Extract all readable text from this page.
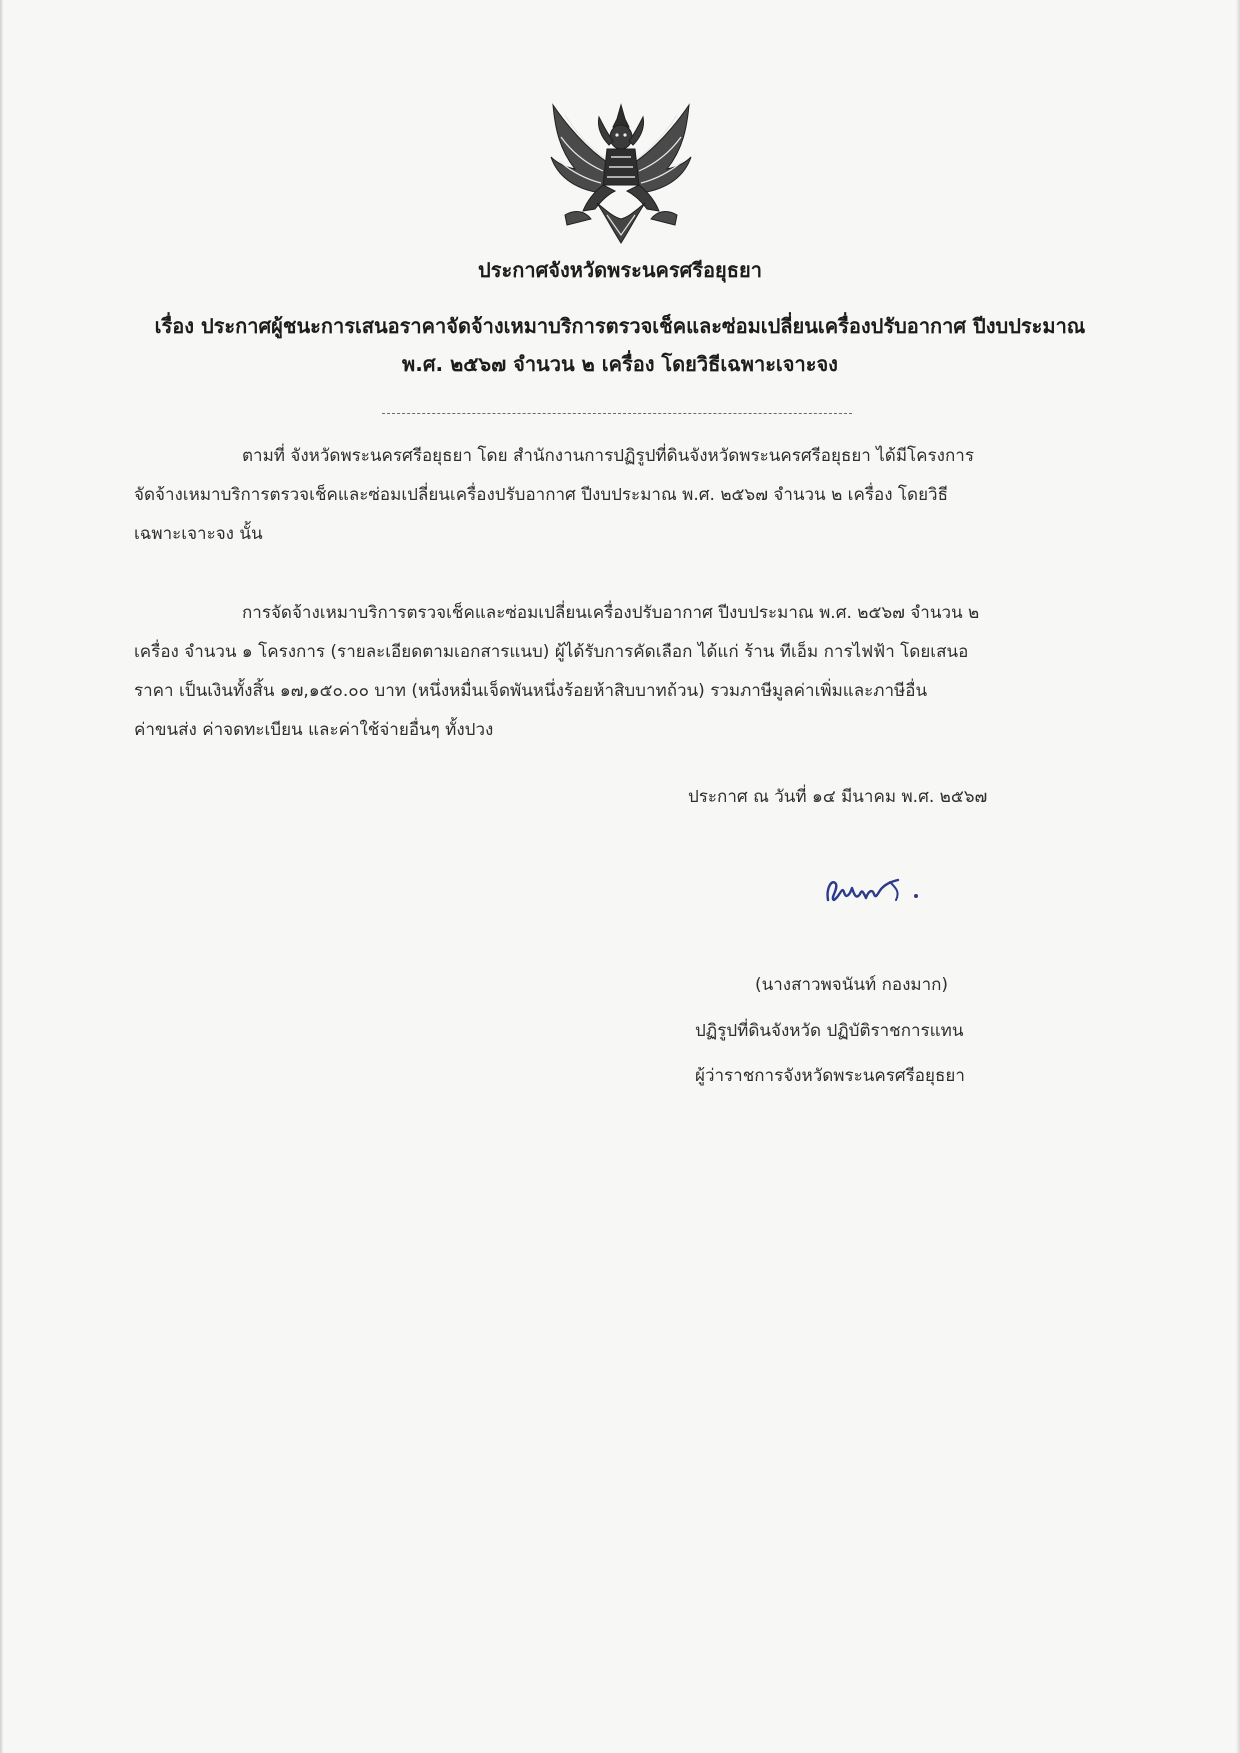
ประกาศจังหวัดพระนครศรีอยุธยา
เรื่อง ประกาศผู้ชนะการเสนอราคาจัดจ้างเหมาบริการตรวจเช็คและซ่อมเปลี่ยนเครื่องปรับอากาศ ปีงบประมาณ
พ.ศ. ๒๕๖๗ จำนวน ๒ เครื่อง โดยวิธีเฉพาะเจาะจง

ตามที่ จังหวัดพระนครศรีอยุธยา โดย สำนักงานการปฏิรูปที่ดินจังหวัดพระนครศรีอยุธยา ได้มีโครงการ
จัดจ้างเหมาบริการตรวจเช็คและซ่อมเปลี่ยนเครื่องปรับอากาศ ปีงบประมาณ พ.ศ. ๒๕๖๗ จำนวน ๒ เครื่อง โดยวิธี
เฉพาะเจาะจง นั้น

การจัดจ้างเหมาบริการตรวจเช็คและซ่อมเปลี่ยนเครื่องปรับอากาศ ปีงบประมาณ พ.ศ. ๒๕๖๗ จำนวน ๒
เครื่อง จำนวน ๑ โครงการ (รายละเอียดตามเอกสารแนบ) ผู้ได้รับการคัดเลือก ได้แก่ ร้าน ทีเอ็ม การไฟฟ้า โดยเสนอ
ราคา เป็นเงินทั้งสิ้น ๑๗,๑๕๐.๐๐ บาท (หนึ่งหมื่นเจ็ดพันหนึ่งร้อยห้าสิบบาทถ้วน) รวมภาษีมูลค่าเพิ่มและภาษีอื่น
ค่าขนส่ง ค่าจดทะเบียน และค่าใช้จ่ายอื่นๆ ทั้งปวง

ประกาศ ณ วันที่ ๑๔ มีนาคม พ.ศ. ๒๕๖๗
(นางสาวพจนันท์ กองมาก)
ปฏิรูปที่ดินจังหวัด ปฏิบัติราชการแทน
ผู้ว่าราชการจังหวัดพระนครศรีอยุธยา
